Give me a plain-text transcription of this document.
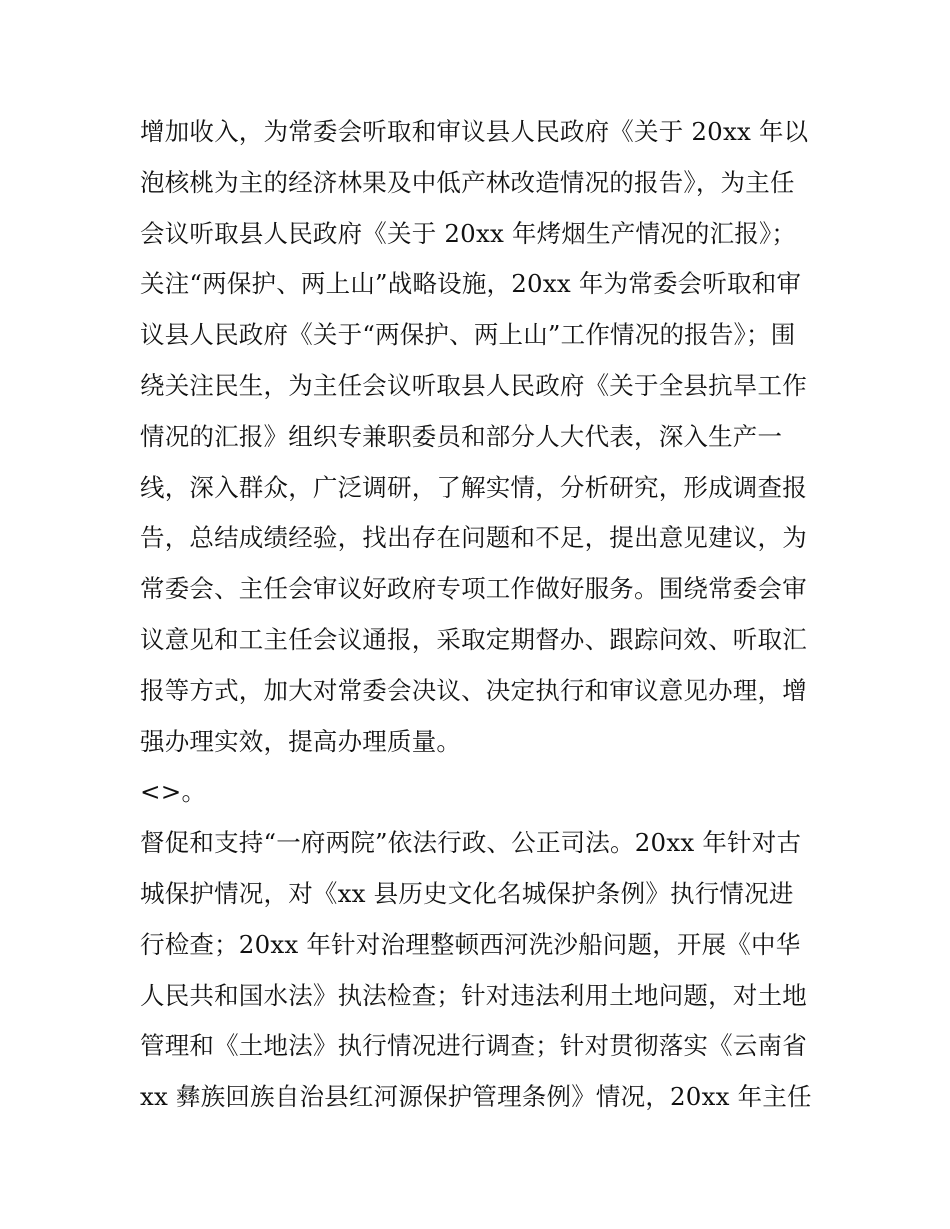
增加收入，为常委会听取和审议县人民政府《关于 20xx 年以
泡核桃为主的经济林果及中低产林改造情况的报告》，为主任
会议听取县人民政府《关于 20xx 年烤烟生产情况的汇报》；
关注“两保护、两上山”战略设施，20xx 年为常委会听取和审
议县人民政府《关于“两保护、两上山”工作情况的报告》；围
绕关注民生，为主任会议听取县人民政府《关于全县抗旱工作
情况的汇报》组织专兼职委员和部分人大代表，深入生产一
线，深入群众，广泛调研，了解实情，分析研究，形成调查报
告，总结成绩经验，找出存在问题和不足，提出意见建议，为
常委会、主任会审议好政府专项工作做好服务。围绕常委会审
议意见和工主任会议通报，采取定期督办、跟踪问效、听取汇
报等方式，加大对常委会决议、决定执行和审议意见办理，增
强办理实效，提高办理质量。
<>。
督促和支持“一府两院”依法行政、公正司法。20xx 年针对古
城保护情况，对《xx 县历史文化名城保护条例》执行情况进
行检查；20xx 年针对治理整顿西河洗沙船问题，开展《中华
人民共和国水法》执法检查；针对违法利用土地问题，对土地
管理和《土地法》执行情况进行调查；针对贯彻落实《云南省
xx 彝族回族自治县红河源保护管理条例》情况，20xx 年主任
